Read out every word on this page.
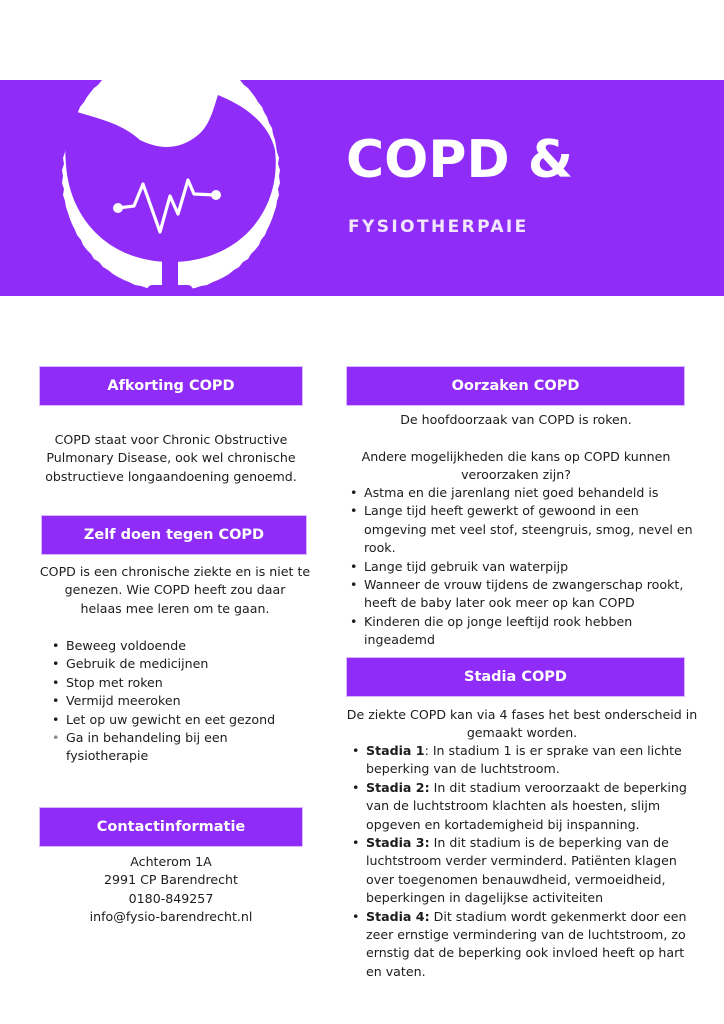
COPD &
FYSIOTHERPAIE
Afkorting COPD
COPD staat voor Chronic Obstructive
Pulmonary Disease, ook wel chronische
obstructieve longaandoening genoemd.
Zelf doen tegen COPD
COPD is een chronische ziekte en is niet te
genezen. Wie COPD heeft zou daar
helaas mee leren om te gaan.
• Beweeg voldoende
• Gebruik de medicijnen
• Stop met roken
• Vermijd meeroken
• Let op uw gewicht en eet gezond
• Ga in behandeling bij een fysiotherapie
Contactinformatie
Achterom 1A
2991 CP Barendrecht
0180-849257
info@fysio-barendrecht.nl
Oorzaken COPD
De hoofdoorzaak van COPD is roken.
Andere mogelijkheden die kans op COPD kunnen veroorzaken zijn?
• Astma en die jarenlang niet goed behandeld is
• Lange tijd heeft gewerkt of gewoond in een omgeving met veel stof, steengruis, smog, nevel en rook.
• Lange tijd gebruik van waterpijp
• Wanneer de vrouw tijdens de zwangerschap rookt, heeft de baby later ook meer op kan COPD
• Kinderen die op jonge leeftijd rook hebben ingeademd
Stadia COPD
De ziekte COPD kan via 4 fases het best onderscheid in gemaakt worden.
• Stadia 1: In stadium 1 is er sprake van een lichte beperking van de luchtstroom.
• Stadia 2: In dit stadium veroorzaakt de beperking van de luchtstroom klachten als hoesten, slijm opgeven en kortademigheid bij inspanning.
• Stadia 3: In dit stadium is de beperking van de luchtstroom verder verminderd. Patiënten klagen over toegenomen benauwdheid, vermoeidheid, beperkingen in dagelijkse activiteiten
• Stadia 4: Dit stadium wordt gekenmerkt door een zeer ernstige vermindering van de luchtstroom, zo ernstig dat de beperking ook invloed heeft op hart en vaten.
